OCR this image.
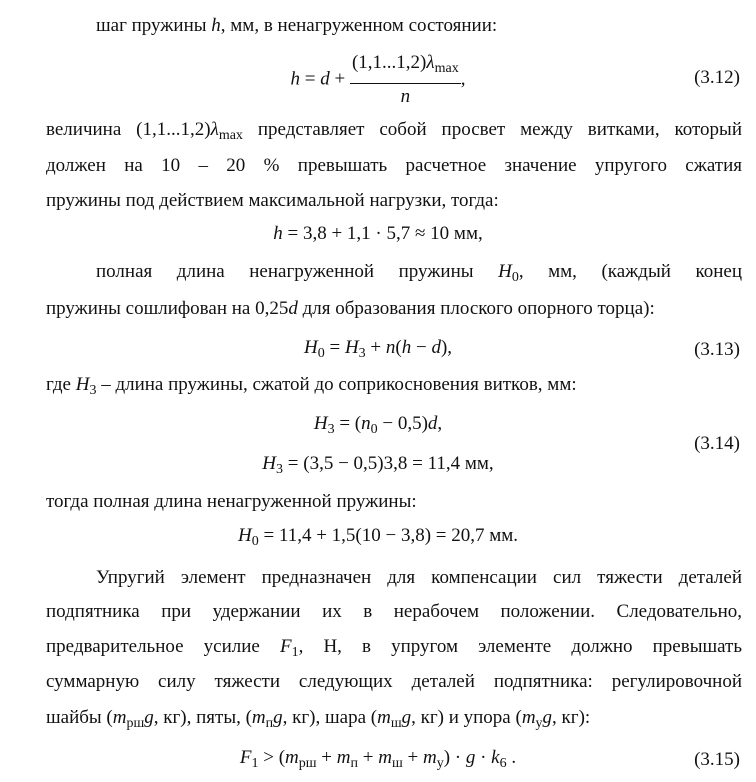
шаг пружины h, мм, в ненагруженном состоянии:
$h = d + \frac{(1,1...1,2)\lambda_{max}}{n}$ ,	(3.12)
величина $(1,1...1,2)\lambda_{max}$ представляет собой просвет между витками, который
должен на 10 – 20 % превышать расчетное значение упругого сжатия
пружины под действием максимальной нагрузки, тогда:
h = 3,8 + 1,1 · 5,7 ≈ 10 мм,
полная длина ненагруженной пружины $H_0$, мм, (каждый конец
пружины сошлифован на 0,25d для образования плоского опорного торца):
$H_0 = H_3 + n(h - d)$,	(3.13)
где $H_3$ – длина пружины, сжатой до соприкосновения витков, мм:
$H_3 = (n_0 - 0,5)d$,
$H_3 = (3,5 - 0,5)3,8 = 11,4$ мм,
(3.14)
тогда полная длина ненагруженной пружины:
$H_0 = 11,4 + 1,5(10 - 3,8) = 20,7$ мм.
Упругий элемент предназначен для компенсации сил тяжести деталей
подпятника при удержании их в нерабочем положении. Следовательно,
предварительное усилие $F_1$, Н, в упругом элементе должно превышать
суммарную силу тяжести следующих деталей подпятника: регулировочной
шайбы ($m_{рш}g$, кг), пяты, ($m_пg$, кг), шара ($m_шg$, кг) и упора ($m_уg$, кг):
$F_1 > (m_{рш} + m_п + m_ш + m_у) \cdot g \cdot k_6$ .	(3.15)
